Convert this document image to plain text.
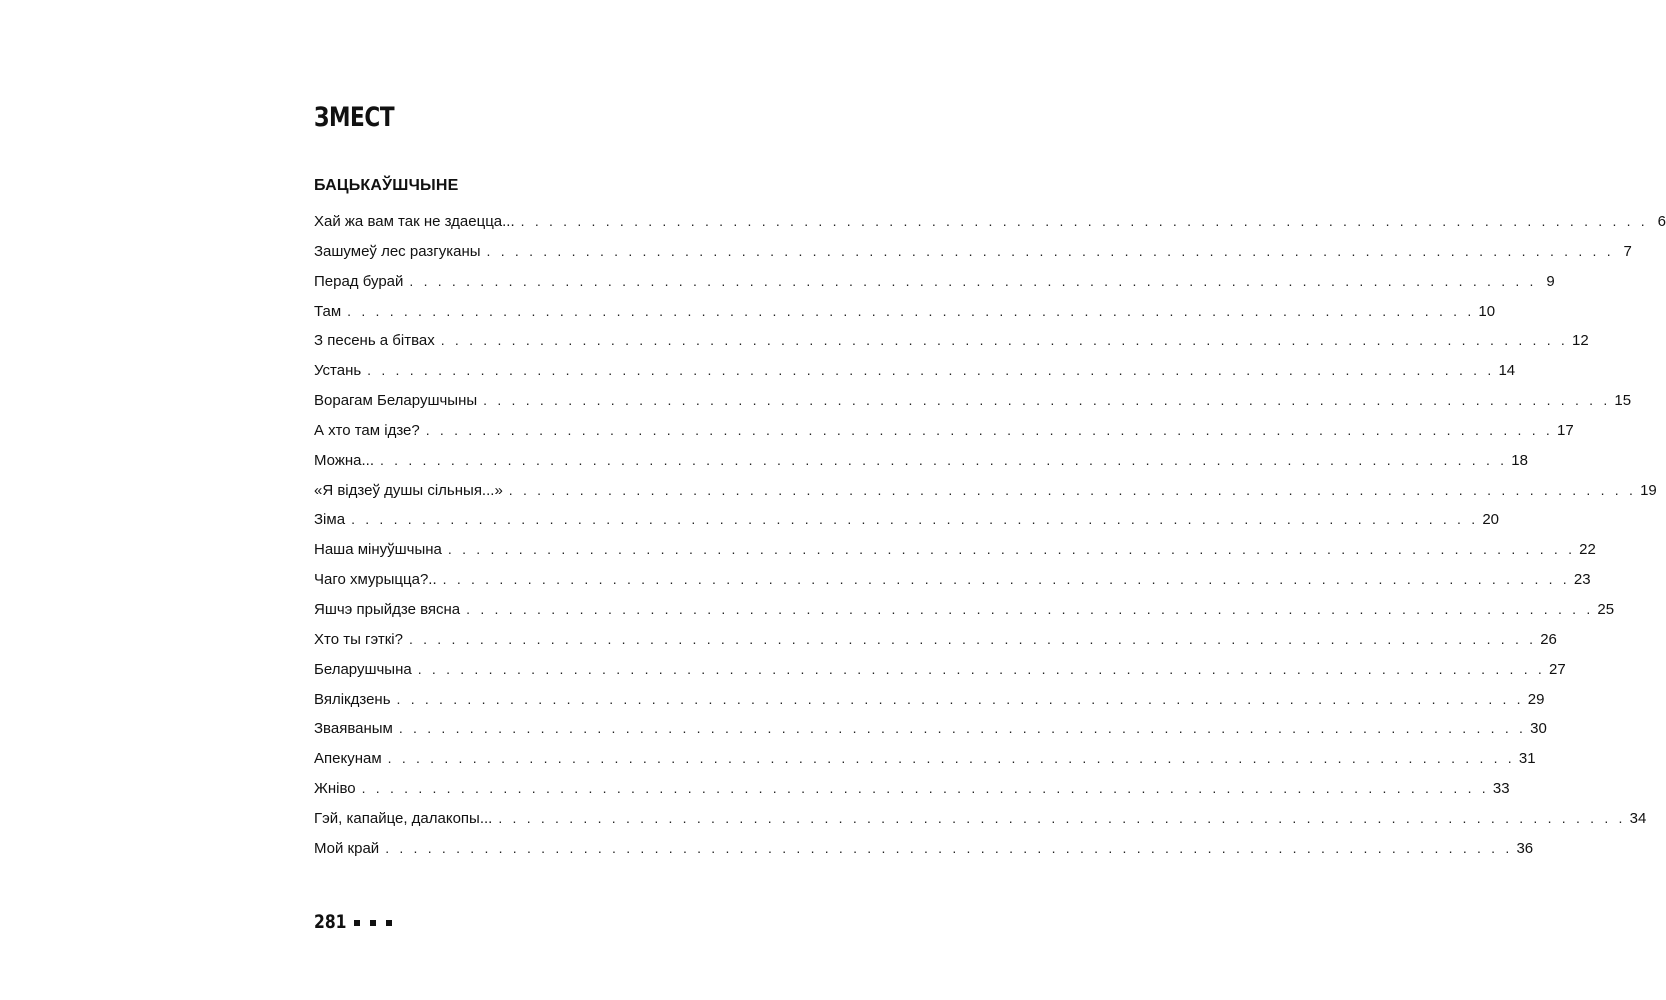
ЗМЕСТ
БАЦЬКАЎШЧЫНЕ
Хай жа вам так не здаецца... . . . . . . . . . . . . . . . . . . . . . . . . . . . . . . . . . . . . . . . . . . . . . . . . . . . . . . . . . . . . . . . . . . . . . . . . . . . . . . . . 6
Зашумеў лес разгуканы . . . . . . . . . . . . . . . . . . . . . . . . . . . . . . . . . . . . . . . . . . . . . . . . . . . . . . . . . . . . . . . . . . . . . . . . . . . . . . . . 7
Перад бурай . . . . . . . . . . . . . . . . . . . . . . . . . . . . . . . . . . . . . . . . . . . . . . . . . . . . . . . . . . . . . . . . . . . . . . . . . . . . . . . . 9
Там . . . . . . . . . . . . . . . . . . . . . . . . . . . . . . . . . . . . . . . . . . . . . . . . . . . . . . . . . . . . . . . . . . . . . . . . . . . . . . . . 10
З песень а бітвах . . . . . . . . . . . . . . . . . . . . . . . . . . . . . . . . . . . . . . . . . . . . . . . . . . . . . . . . . . . . . . . . . . . . . . . . . . . . . . . . 12
Устань . . . . . . . . . . . . . . . . . . . . . . . . . . . . . . . . . . . . . . . . . . . . . . . . . . . . . . . . . . . . . . . . . . . . . . . . . . . . . . . . 14
Ворагам Беларушчыны . . . . . . . . . . . . . . . . . . . . . . . . . . . . . . . . . . . . . . . . . . . . . . . . . . . . . . . . . . . . . . . . . . . . . . . . . . . . . . . . 15
А хто там ідзе? . . . . . . . . . . . . . . . . . . . . . . . . . . . . . . . . . . . . . . . . . . . . . . . . . . . . . . . . . . . . . . . . . . . . . . . . . . . . . . . . 17
Можна... . . . . . . . . . . . . . . . . . . . . . . . . . . . . . . . . . . . . . . . . . . . . . . . . . . . . . . . . . . . . . . . . . . . . . . . . . . . . . . . . 18
«Я відзеў душы сільныя...» . . . . . . . . . . . . . . . . . . . . . . . . . . . . . . . . . . . . . . . . . . . . . . . . . . . . . . . . . . . . . . . . . . . . . . . . . . . . . . . . 19
Зіма . . . . . . . . . . . . . . . . . . . . . . . . . . . . . . . . . . . . . . . . . . . . . . . . . . . . . . . . . . . . . . . . . . . . . . . . . . . . . . . . 20
Наша мінуўшчына . . . . . . . . . . . . . . . . . . . . . . . . . . . . . . . . . . . . . . . . . . . . . . . . . . . . . . . . . . . . . . . . . . . . . . . . . . . . . . . . 22
Чаго хмурыцца?.. . . . . . . . . . . . . . . . . . . . . . . . . . . . . . . . . . . . . . . . . . . . . . . . . . . . . . . . . . . . . . . . . . . . . . . . . . . . . . . . . 23
Яшчэ прыйдзе вясна . . . . . . . . . . . . . . . . . . . . . . . . . . . . . . . . . . . . . . . . . . . . . . . . . . . . . . . . . . . . . . . . . . . . . . . . . . . . . . . . 25
Хто ты гэткі? . . . . . . . . . . . . . . . . . . . . . . . . . . . . . . . . . . . . . . . . . . . . . . . . . . . . . . . . . . . . . . . . . . . . . . . . . . . . . . . . 26
Беларушчына . . . . . . . . . . . . . . . . . . . . . . . . . . . . . . . . . . . . . . . . . . . . . . . . . . . . . . . . . . . . . . . . . . . . . . . . . . . . . . . . 27
Вялікдзень . . . . . . . . . . . . . . . . . . . . . . . . . . . . . . . . . . . . . . . . . . . . . . . . . . . . . . . . . . . . . . . . . . . . . . . . . . . . . . . . 29
Зваяваным . . . . . . . . . . . . . . . . . . . . . . . . . . . . . . . . . . . . . . . . . . . . . . . . . . . . . . . . . . . . . . . . . . . . . . . . . . . . . . . . 30
Апекунам . . . . . . . . . . . . . . . . . . . . . . . . . . . . . . . . . . . . . . . . . . . . . . . . . . . . . . . . . . . . . . . . . . . . . . . . . . . . . . . . 31
Жніво . . . . . . . . . . . . . . . . . . . . . . . . . . . . . . . . . . . . . . . . . . . . . . . . . . . . . . . . . . . . . . . . . . . . . . . . . . . . . . . . 33
Гэй, капайце, далакопы... . . . . . . . . . . . . . . . . . . . . . . . . . . . . . . . . . . . . . . . . . . . . . . . . . . . . . . . . . . . . . . . . . . . . . . . . . . . . . . . . 34
Мой край . . . . . . . . . . . . . . . . . . . . . . . . . . . . . . . . . . . . . . . . . . . . . . . . . . . . . . . . . . . . . . . . . . . . . . . . . . . . . . . . 36
281
